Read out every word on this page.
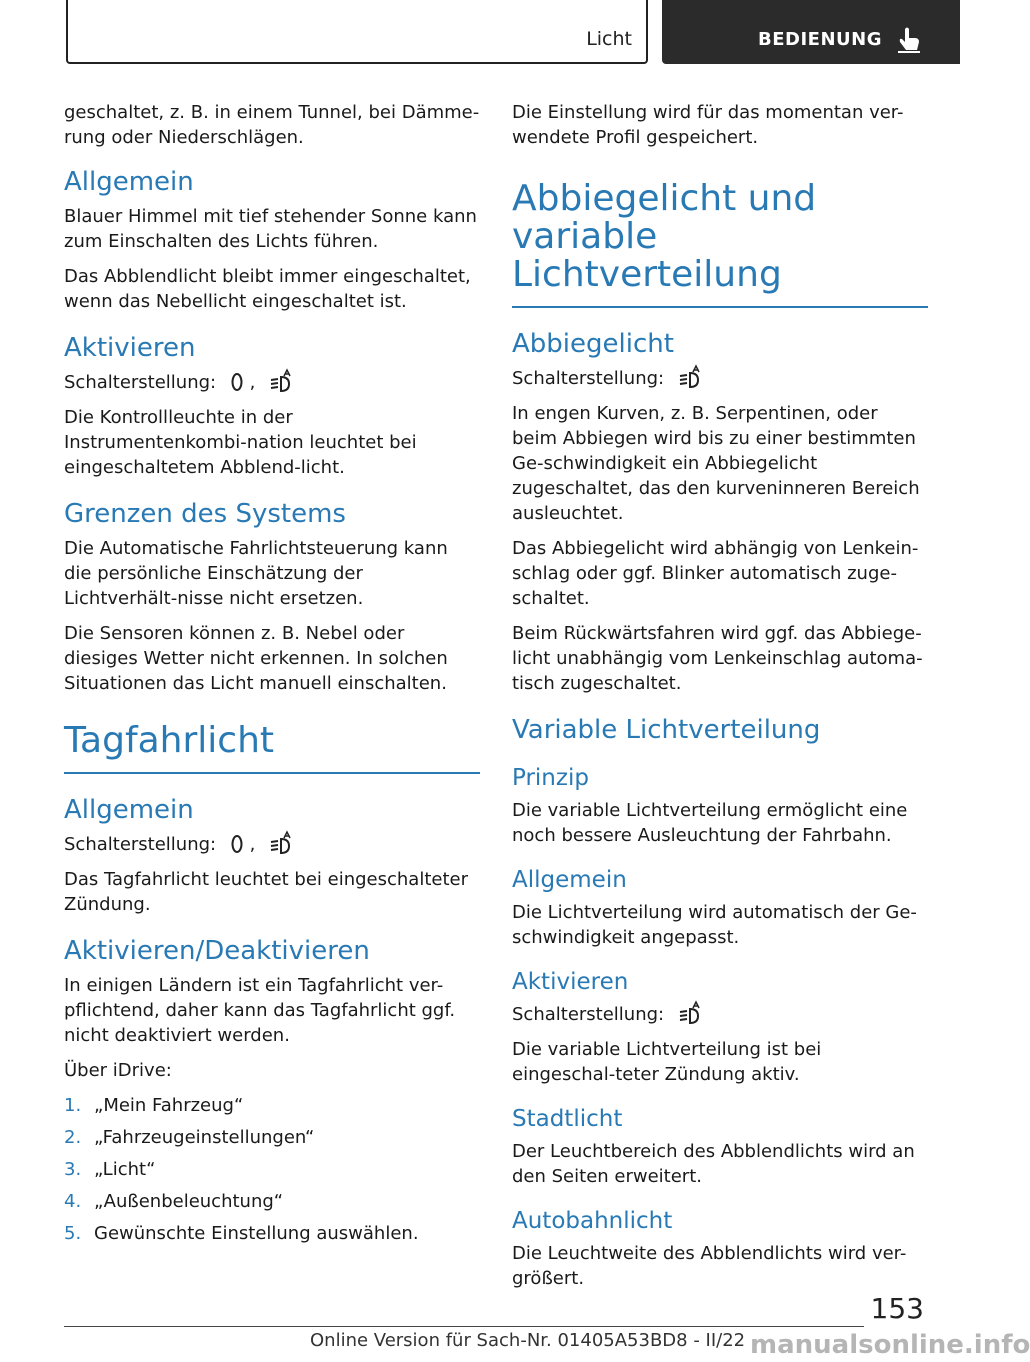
Licht	BEDIENUNG

geschaltet, z. B. in einem Tunnel, bei Dämme-rung oder Niederschlägen.

Allgemein

Blauer Himmel mit tief stehender Sonne kann zum Einschalten des Lichts führen.

Das Abblendlicht bleibt immer eingeschaltet, wenn das Nebellicht eingeschaltet ist.

Aktivieren

Schalterstellung: ,

Die Kontrollleuchte in der Instrumentenkombi-nation leuchtet bei eingeschaltetem Abblend-licht.

Grenzen des Systems

Die Automatische Fahrlichtsteuerung kann die persönliche Einschätzung der Lichtverhält-nisse nicht ersetzen.

Die Sensoren können z. B. Nebel oder diesiges Wetter nicht erkennen. In solchen Situationen das Licht manuell einschalten.

Tagfahrlicht
Allgemein

Schalterstellung: ,

Das Tagfahrlicht leuchtet bei eingeschalteter Zündung.

Aktivieren/Deaktivieren

In einigen Ländern ist ein Tagfahrlicht ver-pflichtend, daher kann das Tagfahrlicht ggf. nicht deaktiviert werden.

Über iDrive:

1. „Mein Fahrzeug“
2. „Fahrzeugeinstellungen“
3. „Licht“
4. „Außenbeleuchtung“
5. Gewünschte Einstellung auswählen.

Die Einstellung wird für das momentan ver-wendete Profil gespeichert.

Abbiegelicht und variable Lichtverteilung
Abbiegelicht

Schalterstellung:

In engen Kurven, z. B. Serpentinen, oder beim Abbiegen wird bis zu einer bestimmten Ge-schwindigkeit ein Abbiegelicht zugeschaltet, das den kurveninneren Bereich ausleuchtet.

Das Abbiegelicht wird abhängig von Lenkein-schlag oder ggf. Blinker automatisch zuge-schaltet.

Beim Rückwärtsfahren wird ggf. das Abbiege-licht unabhängig vom Lenkeinschlag automa-tisch zugeschaltet.

Variable Lichtverteilung
Prinzip

Die variable Lichtverteilung ermöglicht eine noch bessere Ausleuchtung der Fahrbahn.

Allgemein

Die Lichtverteilung wird automatisch der Ge-schwindigkeit angepasst.

Aktivieren

Schalterstellung:

Die variable Lichtverteilung ist bei eingeschal-teter Zündung aktiv.

Stadtlicht

Der Leuchtbereich des Abblendlichts wird an den Seiten erweitert.

Autobahnlicht

Die Leuchtweite des Abblendlichts wird ver-größert.

153
Online Version für Sach-Nr. 01405A53BD8 - II/22 manualsonline.info
